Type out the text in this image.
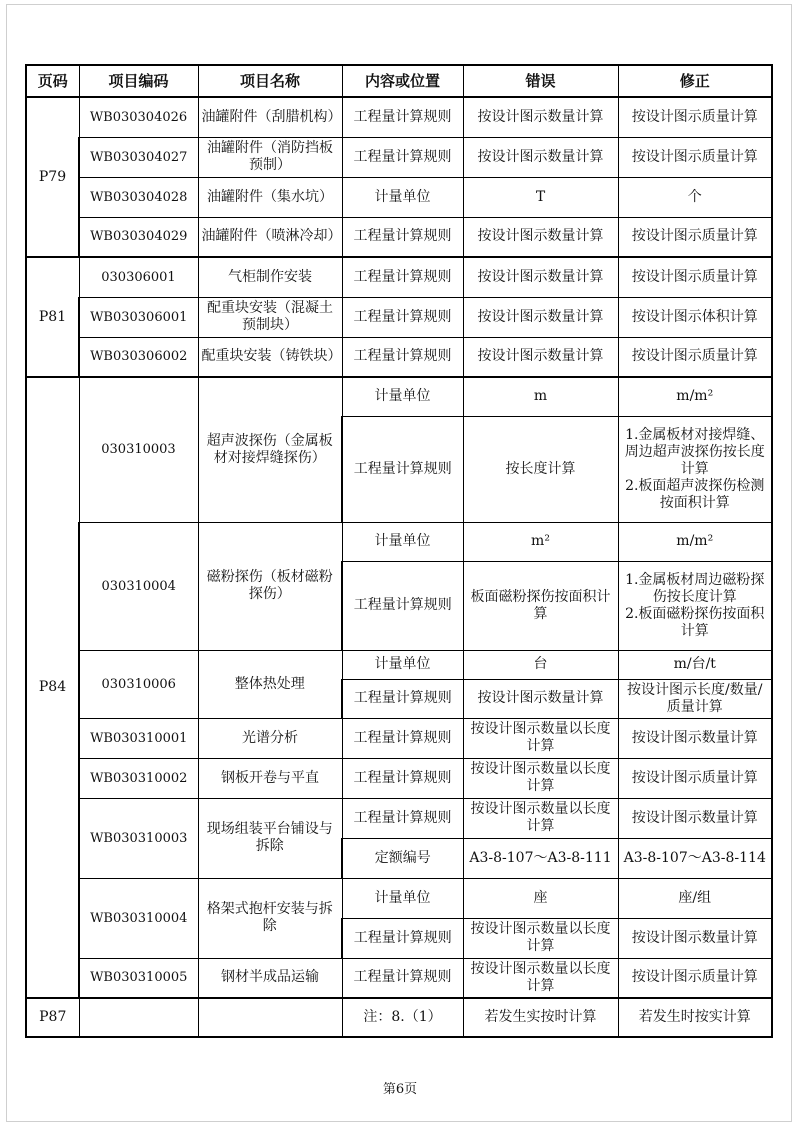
页码	项目编码	项目名称	内容或位置	错误	修正
P79	WB030304026	油罐附件（刮腊机构）	工程量计算规则	按设计图示数量计算	按设计图示质量计算
	WB030304027	油罐附件（消防挡板预制）	工程量计算规则	按设计图示数量计算	按设计图示质量计算
	WB030304028	油罐附件（集水坑）	计量单位	T	个
	WB030304029	油罐附件（喷淋冷却）	工程量计算规则	按设计图示数量计算	按设计图示质量计算
P81	030306001	气柜制作安装	工程量计算规则	按设计图示数量计算	按设计图示质量计算
	WB030306001	配重块安装（混凝土预制块）	工程量计算规则	按设计图示数量计算	按设计图示体积计算
	WB030306002	配重块安装（铸铁块）	工程量计算规则	按设计图示数量计算	按设计图示质量计算
P84	030310003	超声波探伤（金属板材对接焊缝探伤）	计量单位	m	m/m²
			工程量计算规则	按长度计算	1.金属板材对接焊缝、周边超声波探伤按长度计算
2.板面超声波探伤检测按面积计算
	030310004	磁粉探伤（板材磁粉探伤）	计量单位	m²	m/m²
			工程量计算规则	板面磁粉探伤按面积计算	1.金属板材周边磁粉探伤按长度计算
2.板面磁粉探伤按面积计算
	030310006	整体热处理	计量单位	台	m/台/t
			工程量计算规则	按设计图示数量计算	按设计图示长度/数量/质量计算
	WB030310001	光谱分析	工程量计算规则	按设计图示数量以长度计算	按设计图示数量计算
	WB030310002	钢板开卷与平直	工程量计算规则	按设计图示数量以长度计算	按设计图示质量计算
	WB030310003	现场组装平台铺设与拆除	工程量计算规则	按设计图示数量以长度计算	按设计图示数量计算
			定额编号	A3-8-107～A3-8-111	A3-8-107～A3-8-114
	WB030310004	格架式抱杆安装与拆除	计量单位	座	座/组
			工程量计算规则	按设计图示数量以长度计算	按设计图示数量计算
	WB030310005	钢材半成品运输	工程量计算规则	按设计图示数量以长度计算	按设计图示质量计算
P87			注：8.（1）	若发生实按时计算	若发生时按实计算
第6页
